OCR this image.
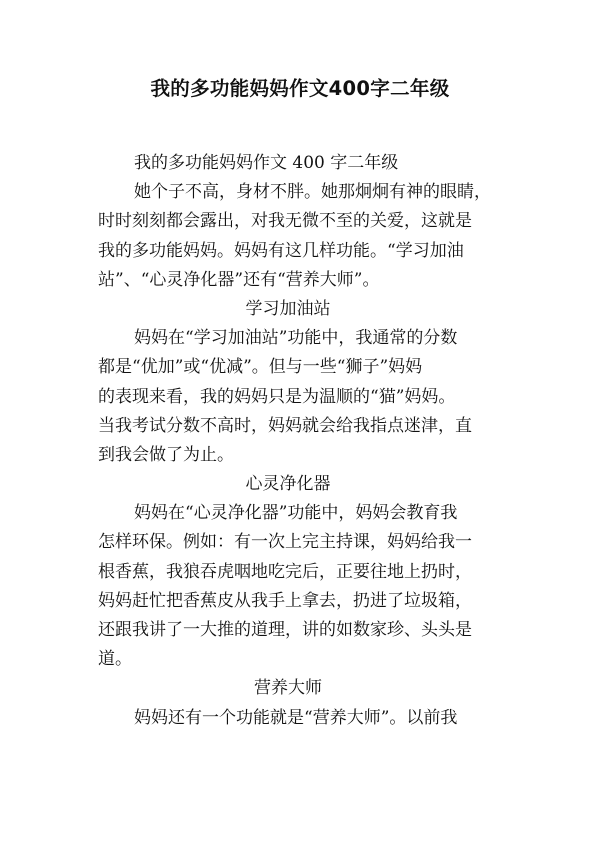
我的多功能妈妈作文400字二年级
我的多功能妈妈作文 400 字二年级
她个子不高，身材不胖。她那炯炯有神的眼睛，
时时刻刻都会露出，对我无微不至的关爱，这就是
我的多功能妈妈。妈妈有这几样功能。“学习加油
站”、“心灵净化器”还有“营养大师”。
学习加油站
妈妈在“学习加油站”功能中，我通常的分数
都是“优加”或“优减”。但与一些“狮子”妈妈
的表现来看，我的妈妈只是为温顺的“猫”妈妈。
当我考试分数不高时，妈妈就会给我指点迷津，直
到我会做了为止。
心灵净化器
妈妈在“心灵净化器”功能中，妈妈会教育我
怎样环保。例如：有一次上完主持课，妈妈给我一
根香蕉，我狼吞虎咽地吃完后，正要往地上扔时，
妈妈赶忙把香蕉皮从我手上拿去，扔进了垃圾箱，
还跟我讲了一大推的道理，讲的如数家珍、头头是
道。
营养大师
妈妈还有一个功能就是“营养大师”。以前我
